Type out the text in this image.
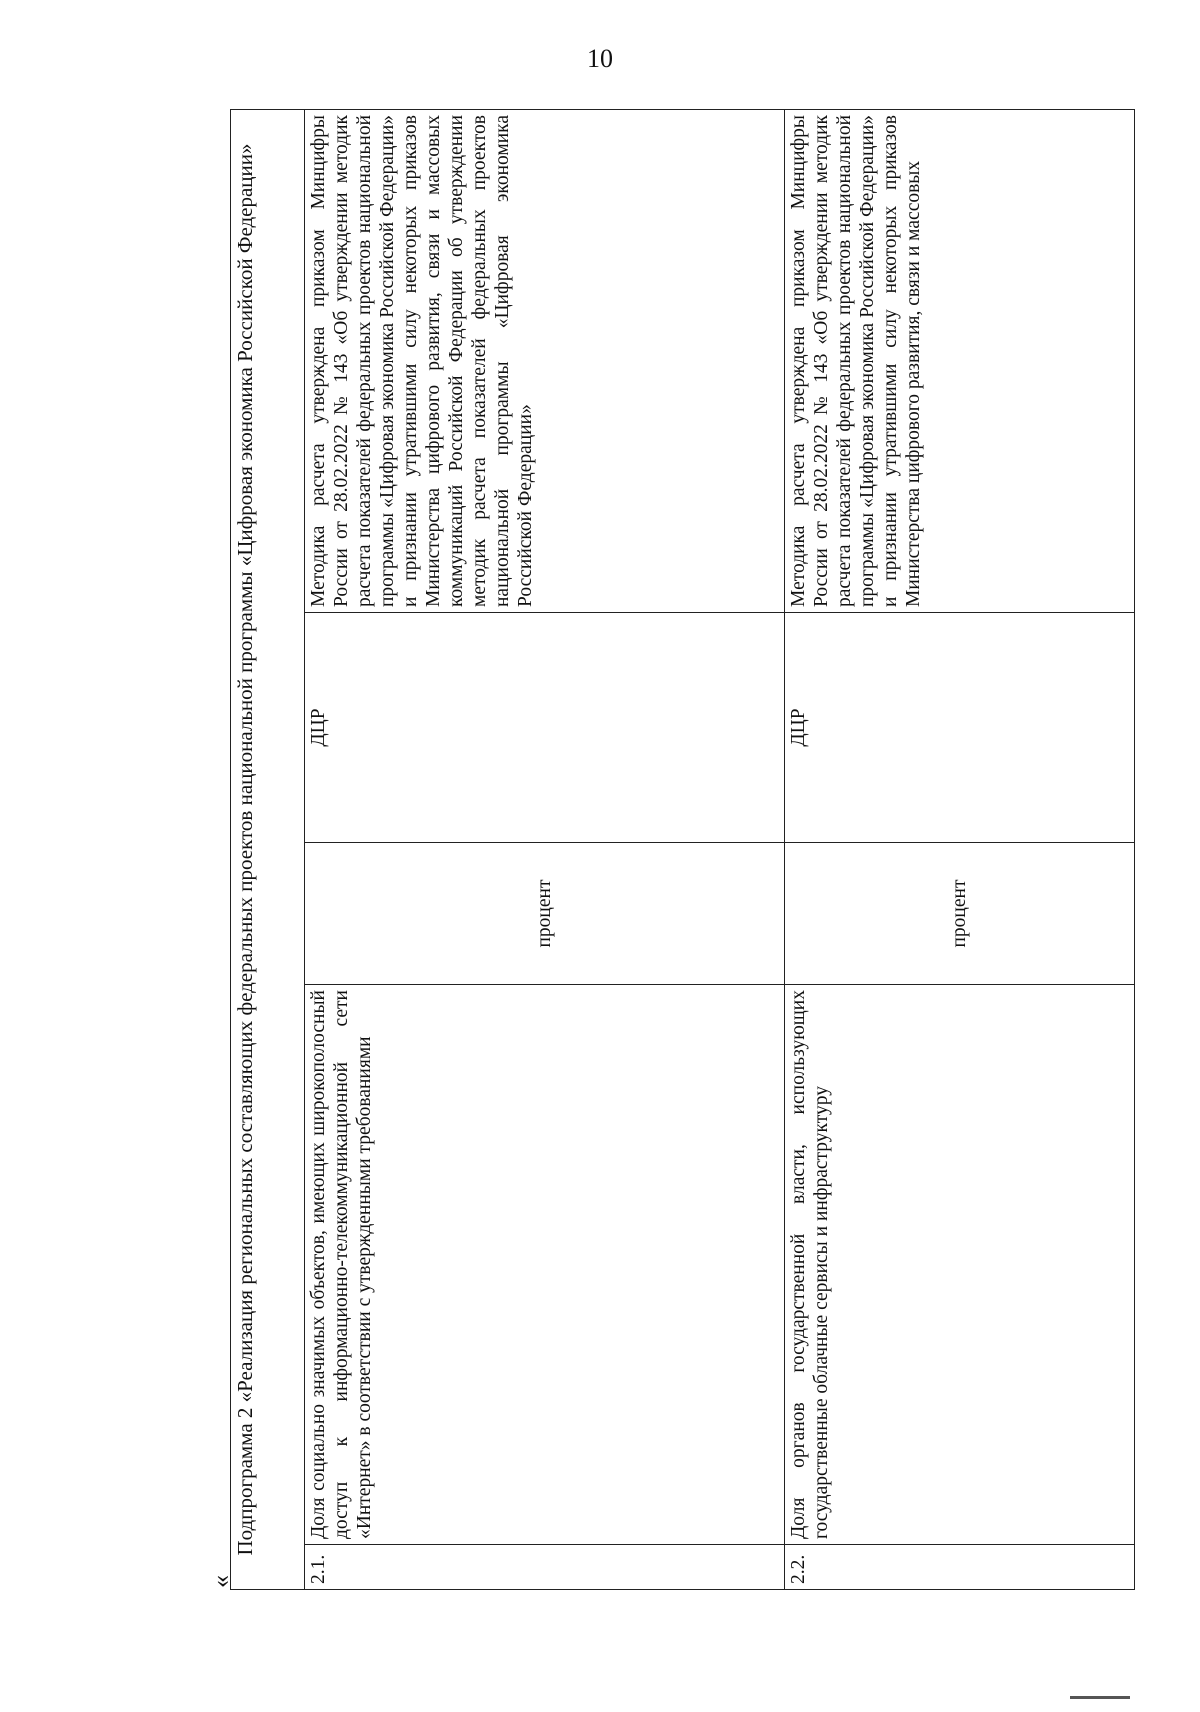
10
«
Подпрограмма 2 «Реализация региональных составляющих федеральных проектов национальной программы «Цифровая экономика Российской Федерации»				
2.1.	Доля социально значимых объектов, имеющих широкополосный доступ к информационно-телекоммуникационной сети «Интернет» в соответствии с утвержденными требованиями	процент	ДЦР	Методика расчета утверждена приказом Минцифры России от 28.02.2022 № 143 «Об утверждении методик расчета показателей федеральных проектов национальной программы «Цифровая экономика Российской Федерации» и признании утратившими силу некоторых приказов Министерства цифрового развития, связи и массовых коммуникаций Российской Федерации об утверждении методик расчета показателей федеральных проектов национальной программы «Цифровая экономика Российской Федерации»
2.2.	Доля органов государственной власти, использующих государственные облачные сервисы и инфраструктуру	процент	ДЦР	Методика расчета утверждена приказом Минцифры России от 28.02.2022 № 143 «Об утверждении методик расчета показателей федеральных проектов национальной программы «Цифровая экономика Российской Федерации» и признании утратившими силу некоторых приказов Министерства цифрового развития, связи и массовых
